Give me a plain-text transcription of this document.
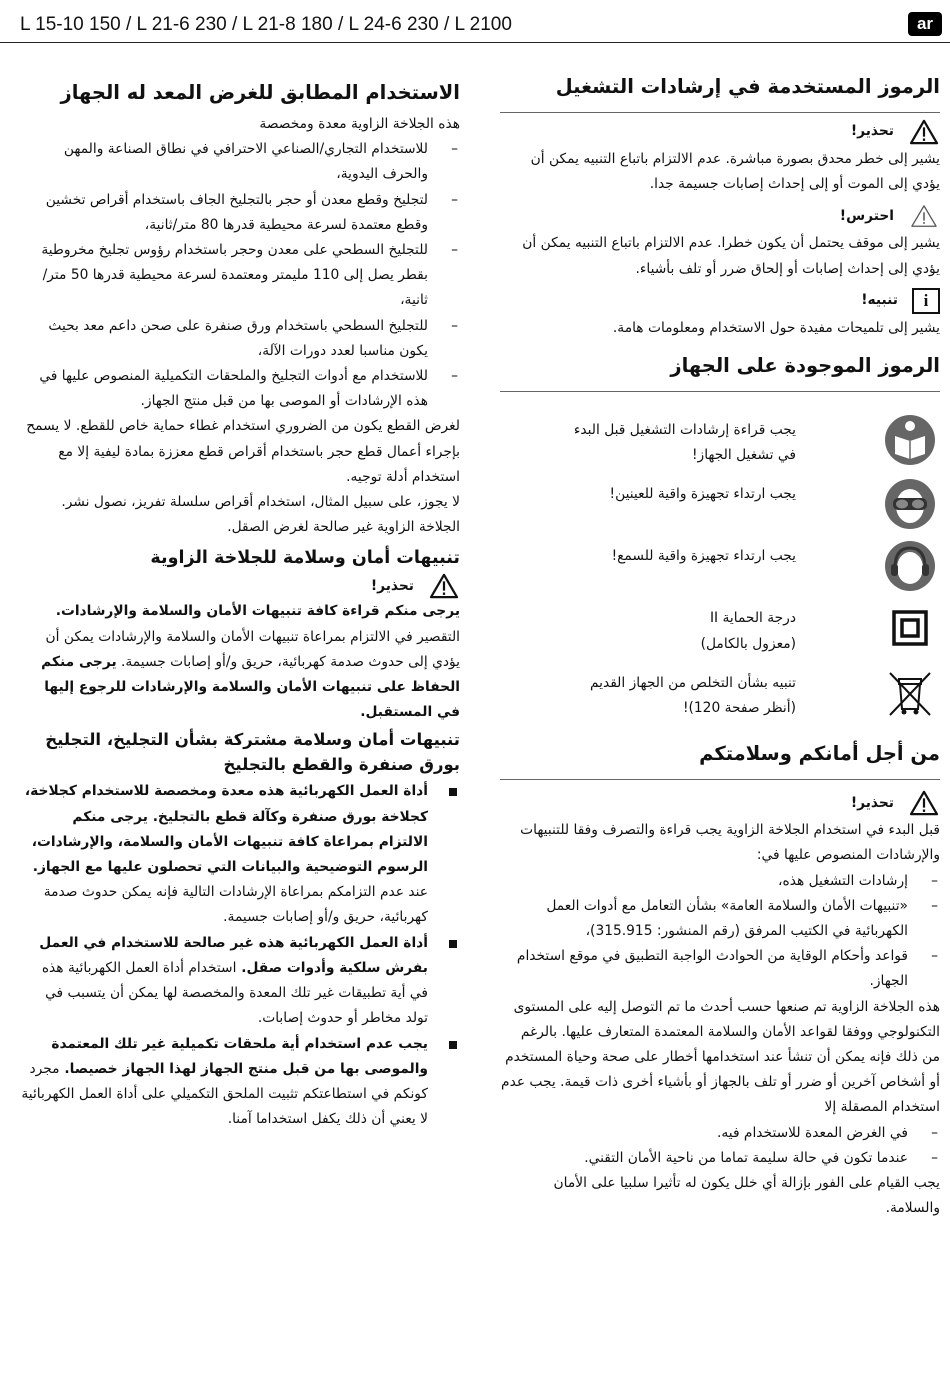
L 15-10 150 / L 21-6 230 / L 21-8 180 / L 24-6 230 / L 2100	ar
الرموز المستخدمة في إرشادات التشغيل
تحذير!

يشير إلى خطر محدق بصورة مباشرة. عدم الالتزام باتباع التنبيه يمكن أن يؤدي إلى الموت أو إلى إحداث إصابات جسيمة جدا.

احترس!

يشير إلى موقف يحتمل أن يكون خطرا. عدم الالتزام باتباع التنبيه يمكن أن يؤدي إلى إحداث إصابات أو إلحاق ضرر أو تلف بأشياء.

i
تنبيه!

يشير إلى تلميحات مفيدة حول الاستخدام ومعلومات هامة.

الرموز الموجودة على الجهاز
يجب قراءة إرشادات التشغيل قبل البدء
في تشغيل الجهاز!
يجب ارتداء تجهيزة واقية للعينين!
يجب ارتداء تجهيزة واقية للسمع!
درجة الحماية II
(معزول بالكامل)
تنبيه بشأن التخلص من الجهاز القديم
(أنظر صفحة 120)!
من أجل أمانكم وسلامتكم
تحذير!

قبل البدء في استخدام الجلاخة الزاوية يجب قراءة والتصرف وفقا للتنبيهات والإرشادات المنصوص عليها في:

– إرشادات التشغيل هذه،
– «تنبيهات الأمان والسلامة العامة» بشأن التعامل مع أدوات العمل الكهربائية في الكتيب المرفق (رقم المنشور: 315.915)،
– قواعد وأحكام الوقاية من الحوادث الواجبة التطبيق في موقع استخدام الجهاز.

هذه الجلاخة الزاوية تم صنعها حسب أحدث ما تم التوصل إليه على المستوى التكنولوجي ووفقا لقواعد الأمان والسلامة المعتمدة المتعارف عليها. بالرغم من ذلك فإنه يمكن أن تنشأ عند استخدامها أخطار على صحة وحياة المستخدم أو أشخاص آخرين أو ضرر أو تلف بالجهاز أو بأشياء أخرى ذات قيمة. يجب عدم استخدام المصقلة إلا

– في الغرض المعدة للاستخدام فيه.
– عندما تكون في حالة سليمة تماما من ناحية الأمان التقني.

يجب القيام على الفور بإزالة أي خلل يكون له تأثيرا سلبيا على الأمان والسلامة.

الاستخدام المطابق للغرض المعد له الجهاز

هذه الجلاخة الزاوية معدة ومخصصة

– للاستخدام التجاري/الصناعي الاحترافي في نطاق الصناعة والمهن والحرف اليدوية،
– لتجليخ وقطع معدن أو حجر بالتجليخ الجاف باستخدام أقراص تخشين وقطع معتمدة لسرعة محيطية قدرها 80 متر/ثانية،
– للتجليخ السطحي على معدن وحجر باستخدام رؤوس تجليخ مخروطية بقطر يصل إلى 110 مليمتر ومعتمدة لسرعة محيطية قدرها 50 متر/ثانية،
– للتجليخ السطحي باستخدام ورق صنفرة على صحن داعم معد بحيث يكون مناسبا لعدد دورات الآلة،
– للاستخدام مع أدوات التجليخ والملحقات التكميلية المنصوص عليها في هذه الإرشادات أو الموصى بها من قبل منتج الجهاز.

لغرض القطع يكون من الضروري استخدام غطاء حماية خاص للقطع. لا يسمح بإجراء أعمال قطع حجر باستخدام أقراص قطع معززة بمادة ليفية إلا مع استخدام أدلة توجيه.

لا يجوز، على سبيل المثال، استخدام أقراص سلسلة تفريز، نصول نشر.

الجلاخة الزاوية غير صالحة لغرض الصقل.

تنبيهات أمان وسلامة للجلاخة الزاوية
تحذير!

يرجى منكم قراءة كافة تنبيهات الأمان والسلامة والإرشادات. التقصير في الالتزام بمراعاة تنبيهات الأمان والسلامة والإرشادات يمكن أن يؤدي إلى حدوث صدمة كهربائية، حريق و/أو إصابات جسيمة. يرجى منكم الحفاظ على تنبيهات الأمان والسلامة والإرشادات للرجوع إليها في المستقبل.

تنبيهات أمان وسلامة مشتركة بشأن التجليخ، التجليخ بورق صنفرة والقطع بالتجليخ
أداة العمل الكهربائية هذه معدة ومخصصة للاستخدام كجلاخة، كجلاخة بورق صنفرة وكآلة قطع بالتجليخ. يرجى منكم الالتزام بمراعاة كافة تنبيهات الأمان والسلامة، والإرشادات، الرسوم التوضيحية والبيانات التي تحصلون عليها مع الجهاز.
عند عدم التزامكم بمراعاة الإرشادات التالية فإنه يمكن حدوث صدمة كهربائية، حريق و/أو إصابات جسيمة.
أداة العمل الكهربائية هذه غير صالحة للاستخدام في العمل بفرش سلكية وأدوات صقل. استخدام أداة العمل الكهربائية هذه في أية تطبيقات غير تلك المعدة والمخصصة لها يمكن أن يتسبب في تولد مخاطر أو حدوث إصابات.
يجب عدم استخدام أية ملحقات تكميلية غير تلك المعتمدة والموصى بها من قبل منتج الجهاز لهذا الجهاز خصيصا. مجرد كونكم في استطاعتكم تثبيت الملحق التكميلي على أداة العمل الكهربائية لا يعني أن ذلك يكفل استخداما آمنا.
